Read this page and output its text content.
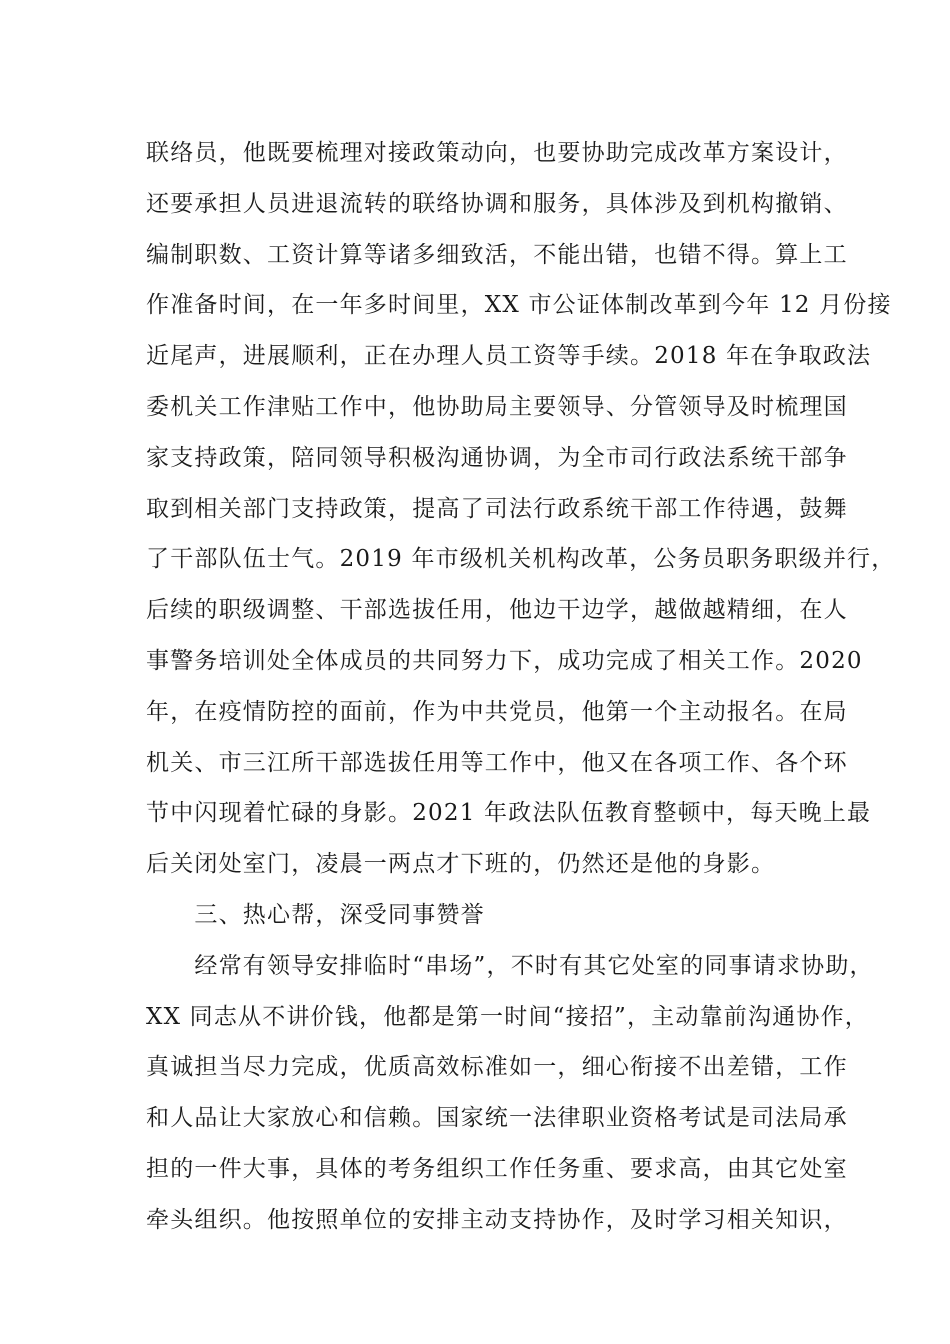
联络员，他既要梳理对接政策动向，也要协助完成改革方案设计，
还要承担人员进退流转的联络协调和服务，具体涉及到机构撤销、
编制职数、工资计算等诸多细致活，不能出错，也错不得。算上工
作准备时间，在一年多时间里，XX 市公证体制改革到今年 12 月份接
近尾声，进展顺利，正在办理人员工资等手续。2018 年在争取政法
委机关工作津贴工作中，他协助局主要领导、分管领导及时梳理国
家支持政策，陪同领导积极沟通协调，为全市司行政法系统干部争
取到相关部门支持政策，提高了司法行政系统干部工作待遇，鼓舞
了干部队伍士气。2019 年市级机关机构改革，公务员职务职级并行，
后续的职级调整、干部选拔任用，他边干边学，越做越精细，在人
事警务培训处全体成员的共同努力下，成功完成了相关工作。2020
年，在疫情防控的面前，作为中共党员，他第一个主动报名。在局
机关、市三江所干部选拔任用等工作中，他又在各项工作、各个环
节中闪现着忙碌的身影。2021 年政法队伍教育整顿中，每天晚上最
后关闭处室门，凌晨一两点才下班的，仍然还是他的身影。
　　三、热心帮，深受同事赞誉
　　经常有领导安排临时“串场”，不时有其它处室的同事请求协助，
XX 同志从不讲价钱，他都是第一时间“接招”，主动靠前沟通协作，
真诚担当尽力完成，优质高效标准如一，细心衔接不出差错，工作
和人品让大家放心和信赖。国家统一法律职业资格考试是司法局承
担的一件大事，具体的考务组织工作任务重、要求高，由其它处室
牵头组织。他按照单位的安排主动支持协作，及时学习相关知识，
